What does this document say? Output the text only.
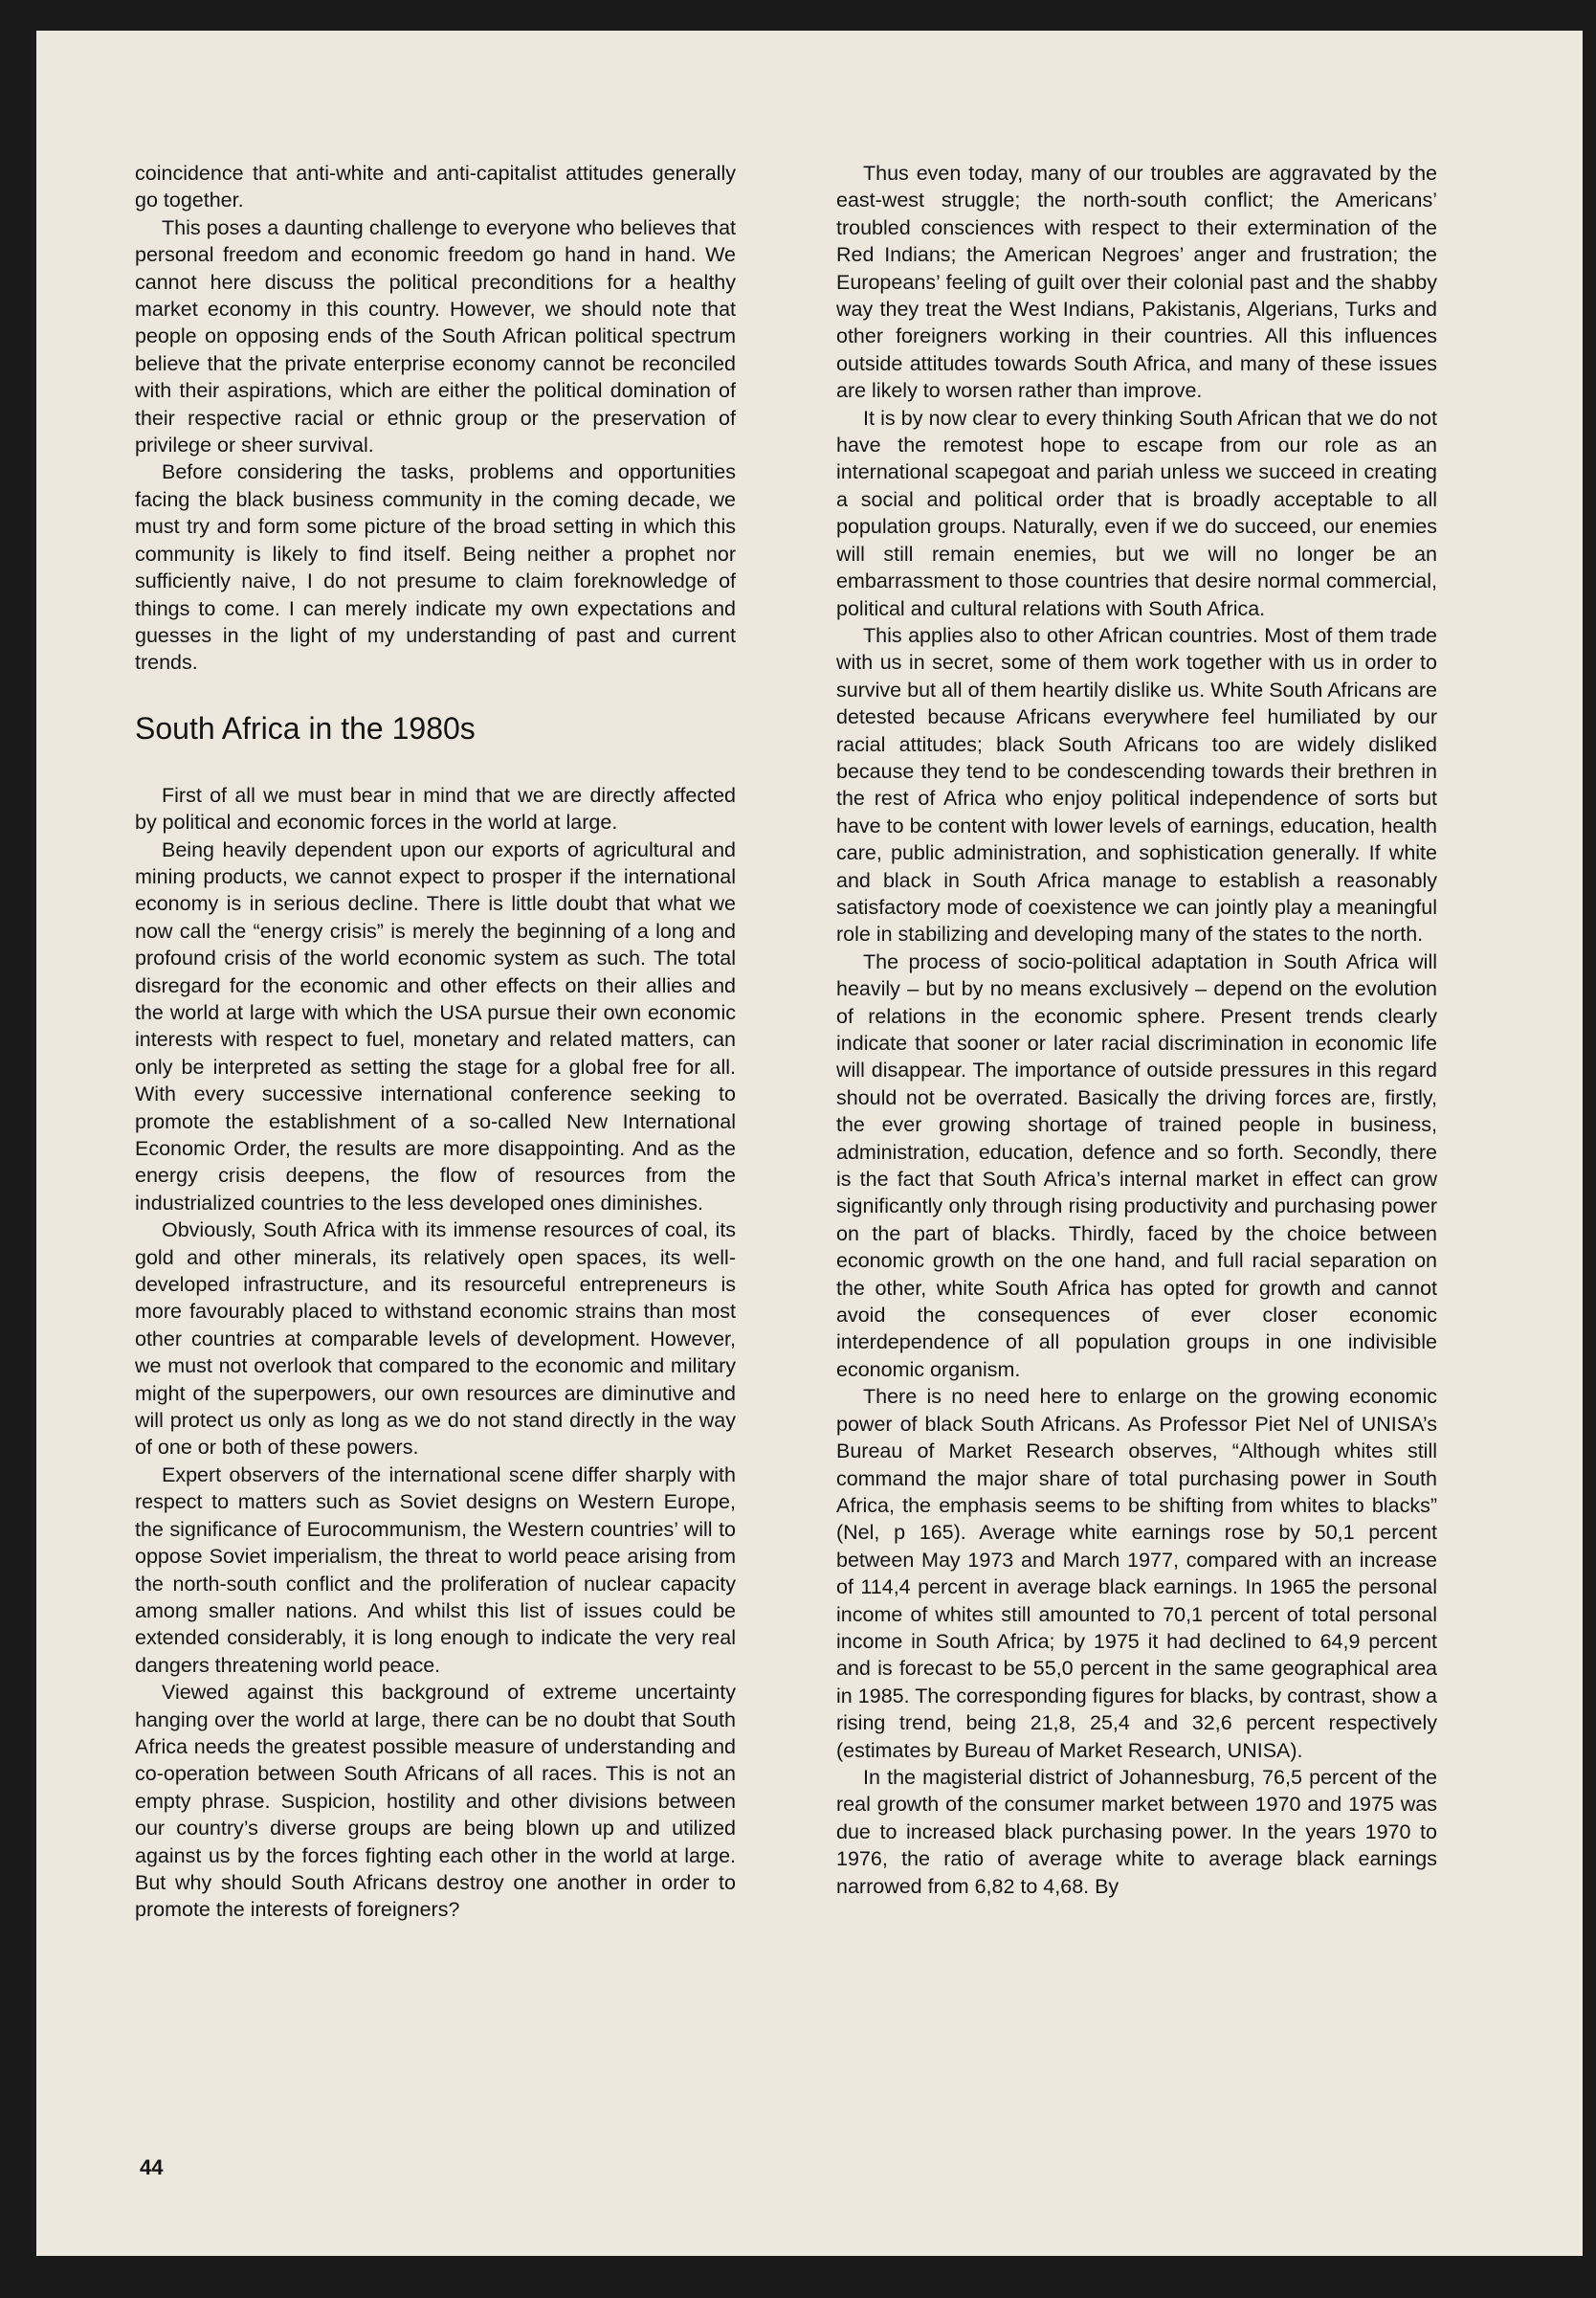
coincidence that anti-white and anti-capitalist attitudes generally go together.

This poses a daunting challenge to everyone who believes that personal freedom and economic freedom go hand in hand. We cannot here discuss the political preconditions for a healthy market economy in this country. However, we should note that people on opposing ends of the South African political spectrum believe that the private enterprise economy cannot be reconciled with their aspirations, which are either the political domination of their respective racial or ethnic group or the preservation of privilege or sheer survival.

Before considering the tasks, problems and opportunities facing the black business community in the coming decade, we must try and form some picture of the broad setting in which this community is likely to find itself. Being neither a prophet nor sufficiently naive, I do not presume to claim foreknowledge of things to come. I can merely indicate my own expectations and guesses in the light of my understanding of past and current trends.

South Africa in the 1980s

First of all we must bear in mind that we are directly affected by political and economic forces in the world at large.

Being heavily dependent upon our exports of agricultural and mining products, we cannot expect to prosper if the international economy is in serious decline. There is little doubt that what we now call the “energy crisis” is merely the beginning of a long and profound crisis of the world economic system as such. The total disregard for the economic and other effects on their allies and the world at large with which the USA pursue their own economic interests with respect to fuel, monetary and related matters, can only be interpreted as setting the stage for a global free for all. With every successive international conference seeking to promote the establishment of a so-called New International Economic Order, the results are more disappointing. And as the energy crisis deepens, the flow of resources from the industrialized countries to the less developed ones diminishes.

Obviously, South Africa with its immense resources of coal, its gold and other minerals, its relatively open spaces, its well-developed infrastructure, and its resourceful entrepreneurs is more favourably placed to withstand economic strains than most other countries at comparable levels of development. However, we must not overlook that compared to the economic and military might of the superpowers, our own resources are diminutive and will protect us only as long as we do not stand directly in the way of one or both of these powers.

Expert observers of the international scene differ sharply with respect to matters such as Soviet designs on Western Europe, the significance of Eurocommunism, the Western countries’ will to oppose Soviet imperialism, the threat to world peace arising from the north-south conflict and the proliferation of nuclear capacity among smaller nations. And whilst this list of issues could be extended considerably, it is long enough to indicate the very real dangers threatening world peace.

Viewed against this background of extreme uncertainty hanging over the world at large, there can be no doubt that South Africa needs the greatest possible measure of understanding and co-operation between South Africans of all races. This is not an empty phrase. Suspicion, hostility and other divisions between our country’s diverse groups are being blown up and utilized against us by the forces fighting each other in the world at large. But why should South Africans destroy one another in order to promote the interests of foreigners?

Thus even today, many of our troubles are aggravated by the east-west struggle; the north-south conflict; the Americans’ troubled consciences with respect to their extermination of the Red Indians; the American Negroes’ anger and frustration; the Europeans’ feeling of guilt over their colonial past and the shabby way they treat the West Indians, Pakistanis, Algerians, Turks and other foreigners working in their countries. All this influences outside attitudes towards South Africa, and many of these issues are likely to worsen rather than improve.

It is by now clear to every thinking South African that we do not have the remotest hope to escape from our role as an international scapegoat and pariah unless we succeed in creating a social and political order that is broadly acceptable to all population groups. Naturally, even if we do succeed, our enemies will still remain enemies, but we will no longer be an embarrassment to those countries that desire normal commercial, political and cultural relations with South Africa.

This applies also to other African countries. Most of them trade with us in secret, some of them work together with us in order to survive but all of them heartily dislike us. White South Africans are detested because Africans everywhere feel humiliated by our racial attitudes; black South Africans too are widely disliked because they tend to be condescending towards their brethren in the rest of Africa who enjoy political independence of sorts but have to be content with lower levels of earnings, education, health care, public administration, and sophistication generally. If white and black in South Africa manage to establish a reasonably satisfactory mode of coexistence we can jointly play a meaningful role in stabilizing and developing many of the states to the north.

The process of socio-political adaptation in South Africa will heavily – but by no means exclusively – depend on the evolution of relations in the economic sphere. Present trends clearly indicate that sooner or later racial discrimination in economic life will disappear. The importance of outside pressures in this regard should not be overrated. Basically the driving forces are, firstly, the ever growing shortage of trained people in business, administration, education, defence and so forth. Secondly, there is the fact that South Africa’s internal market in effect can grow significantly only through rising productivity and purchasing power on the part of blacks. Thirdly, faced by the choice between economic growth on the one hand, and full racial separation on the other, white South Africa has opted for growth and cannot avoid the consequences of ever closer economic interdependence of all population groups in one indivisible economic organism.

There is no need here to enlarge on the growing economic power of black South Africans. As Professor Piet Nel of UNISA’s Bureau of Market Research observes, “Although whites still command the major share of total purchasing power in South Africa, the emphasis seems to be shifting from whites to blacks” (Nel, p 165). Average white earnings rose by 50,1 percent between May 1973 and March 1977, compared with an increase of 114,4 percent in average black earnings. In 1965 the personal income of whites still amounted to 70,1 percent of total personal income in South Africa; by 1975 it had declined to 64,9 percent and is forecast to be 55,0 percent in the same geographical area in 1985. The corresponding figures for blacks, by contrast, show a rising trend, being 21,8, 25,4 and 32,6 percent respectively (estimates by Bureau of Market Research, UNISA).

In the magisterial district of Johannesburg, 76,5 percent of the real growth of the consumer market between 1970 and 1975 was due to increased black purchasing power. In the years 1970 to 1976, the ratio of average white to average black earnings narrowed from 6,82 to 4,68. By

44
